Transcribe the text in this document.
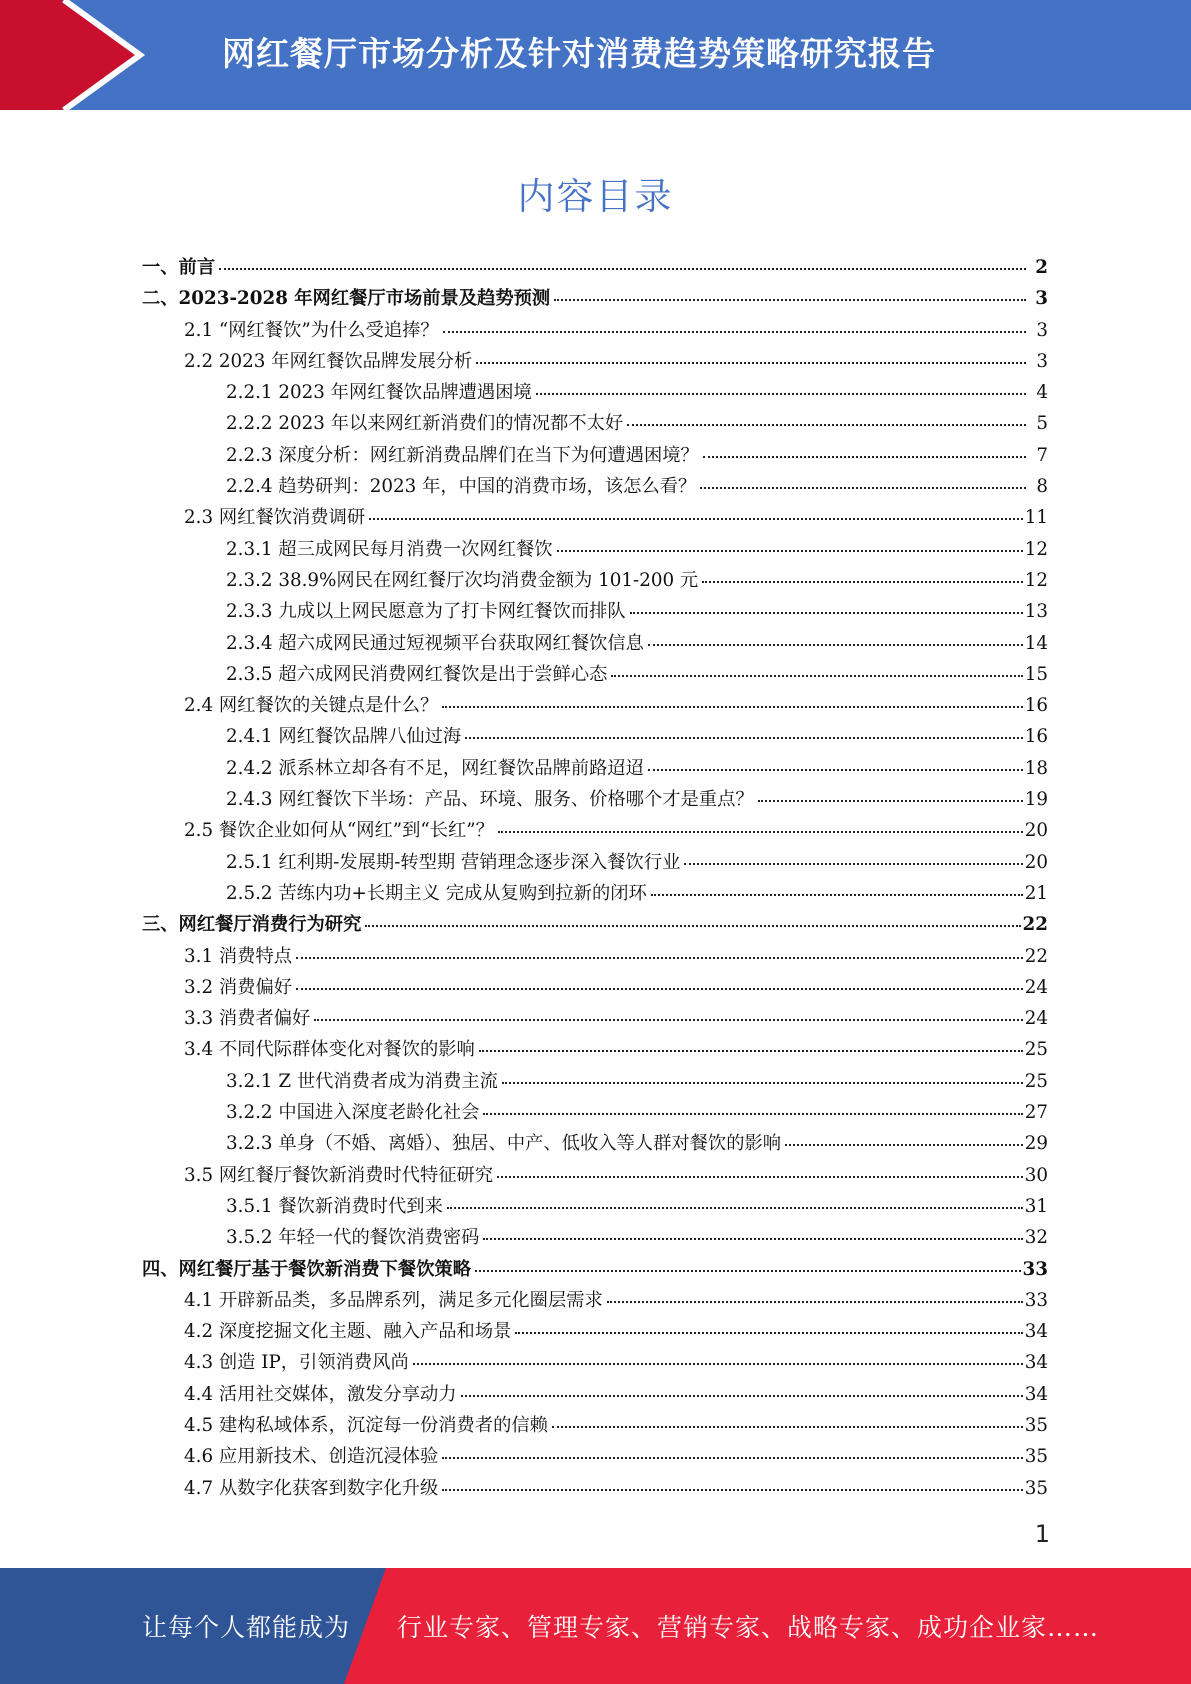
网红餐厅市场分析及针对消费趋势策略研究报告
内容目录
一、前言	2
二、2023-2028 年网红餐厅市场前景及趋势预测	3
2.1 “网红餐饮”为什么受追捧？	3
2.2 2023 年网红餐饮品牌发展分析	3
2.2.1 2023 年网红餐饮品牌遭遇困境	4
2.2.2 2023 年以来网红新消费们的情况都不太好	5
2.2.3 深度分析：网红新消费品牌们在当下为何遭遇困境？	7
2.2.4 趋势研判：2023 年，中国的消费市场，该怎么看？	8
2.3 网红餐饮消费调研	11
2.3.1 超三成网民每月消费一次网红餐饮	12
2.3.2 38.9%网民在网红餐厅次均消费金额为 101-200 元	12
2.3.3 九成以上网民愿意为了打卡网红餐饮而排队	13
2.3.4 超六成网民通过短视频平台获取网红餐饮信息	14
2.3.5 超六成网民消费网红餐饮是出于尝鲜心态	15
2.4 网红餐饮的关键点是什么？	16
2.4.1 网红餐饮品牌八仙过海	16
2.4.2 派系林立却各有不足，网红餐饮品牌前路迢迢	18
2.4.3 网红餐饮下半场：产品、环境、服务、价格哪个才是重点？	19
2.5 餐饮企业如何从“网红”到“长红”？	20
2.5.1 红利期-发展期-转型期 营销理念逐步深入餐饮行业	20
2.5.2 苦练内功+长期主义 完成从复购到拉新的闭环	21
三、网红餐厅消费行为研究	22
3.1 消费特点	22
3.2 消费偏好	24
3.3 消费者偏好	24
3.4 不同代际群体变化对餐饮的影响	25
3.2.1 Z 世代消费者成为消费主流	25
3.2.2 中国进入深度老龄化社会	27
3.2.3 单身（不婚、离婚）、独居、中产、低收入等人群对餐饮的影响	29
3.5 网红餐厅餐饮新消费时代特征研究	30
3.5.1 餐饮新消费时代到来	31
3.5.2 年轻一代的餐饮消费密码	32
四、网红餐厅基于餐饮新消费下餐饮策略	33
4.1 开辟新品类，多品牌系列，满足多元化圈层需求	33
4.2 深度挖掘文化主题、融入产品和场景	34
4.3 创造 IP，引领消费风尚	34
4.4 活用社交媒体，激发分享动力	34
4.5 建构私域体系，沉淀每一份消费者的信赖	35
4.6 应用新技术、创造沉浸体验	35
4.7 从数字化获客到数字化升级	35
1
让每个人都能成为 行业专家、管理专家、营销专家、战略专家、成功企业家……
